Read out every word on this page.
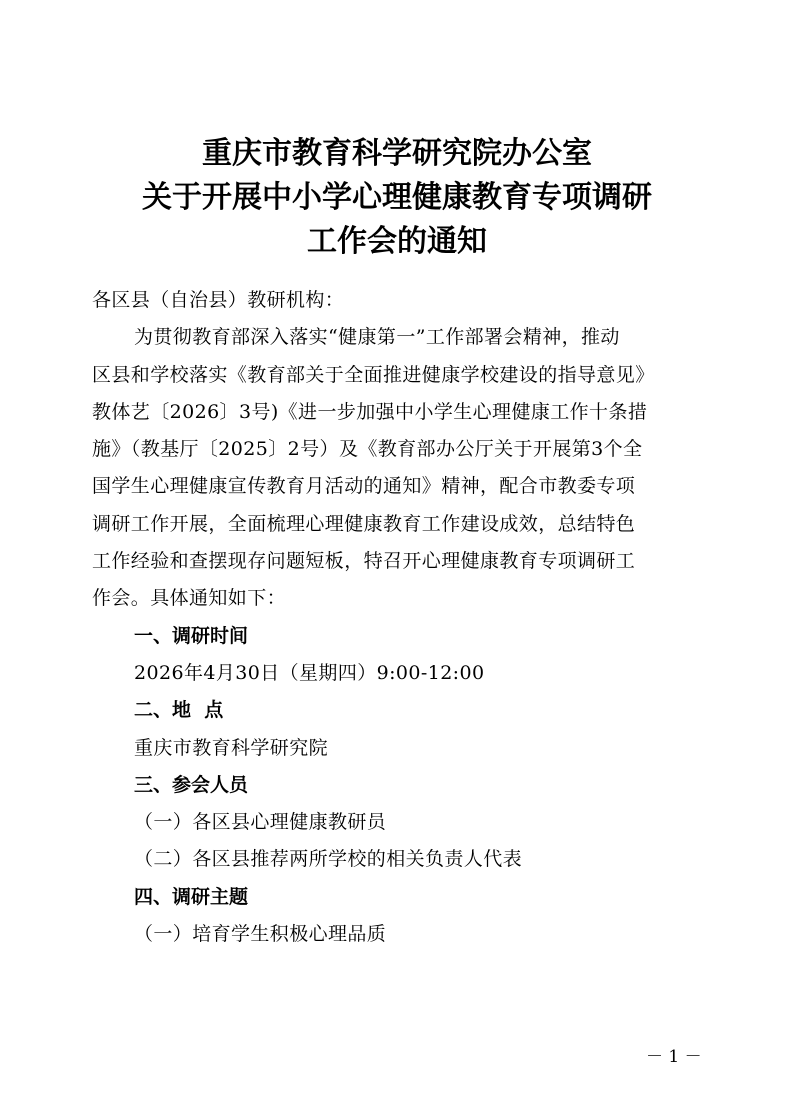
重庆市教育科学研究院办公室
关于开展中小学心理健康教育专项调研
工作会的通知
各区县（自治县）教研机构：
为贯彻教育部深入落实“健康第一”工作部署会精神，推动
区县和学校落实《教育部关于全面推进健康学校建设的指导意见》
教体艺〔2026〕3号)《进一步加强中小学生心理健康工作十条措
施》（教基厅〔2025〕2号）及《教育部办公厅关于开展第3个全
国学生心理健康宣传教育月活动的通知》精神，配合市教委专项
调研工作开展，全面梳理心理健康教育工作建设成效，总结特色
工作经验和查摆现存问题短板，特召开心理健康教育专项调研工
作会。具体通知如下：
一、调研时间
2026年4月30日（星期四）9:00-12:00
二、地  点
重庆市教育科学研究院
三、参会人员
（一）各区县心理健康教研员
（二）各区县推荐两所学校的相关负责人代表
四、调研主题
（一）培育学生积极心理品质
－ 1 －
